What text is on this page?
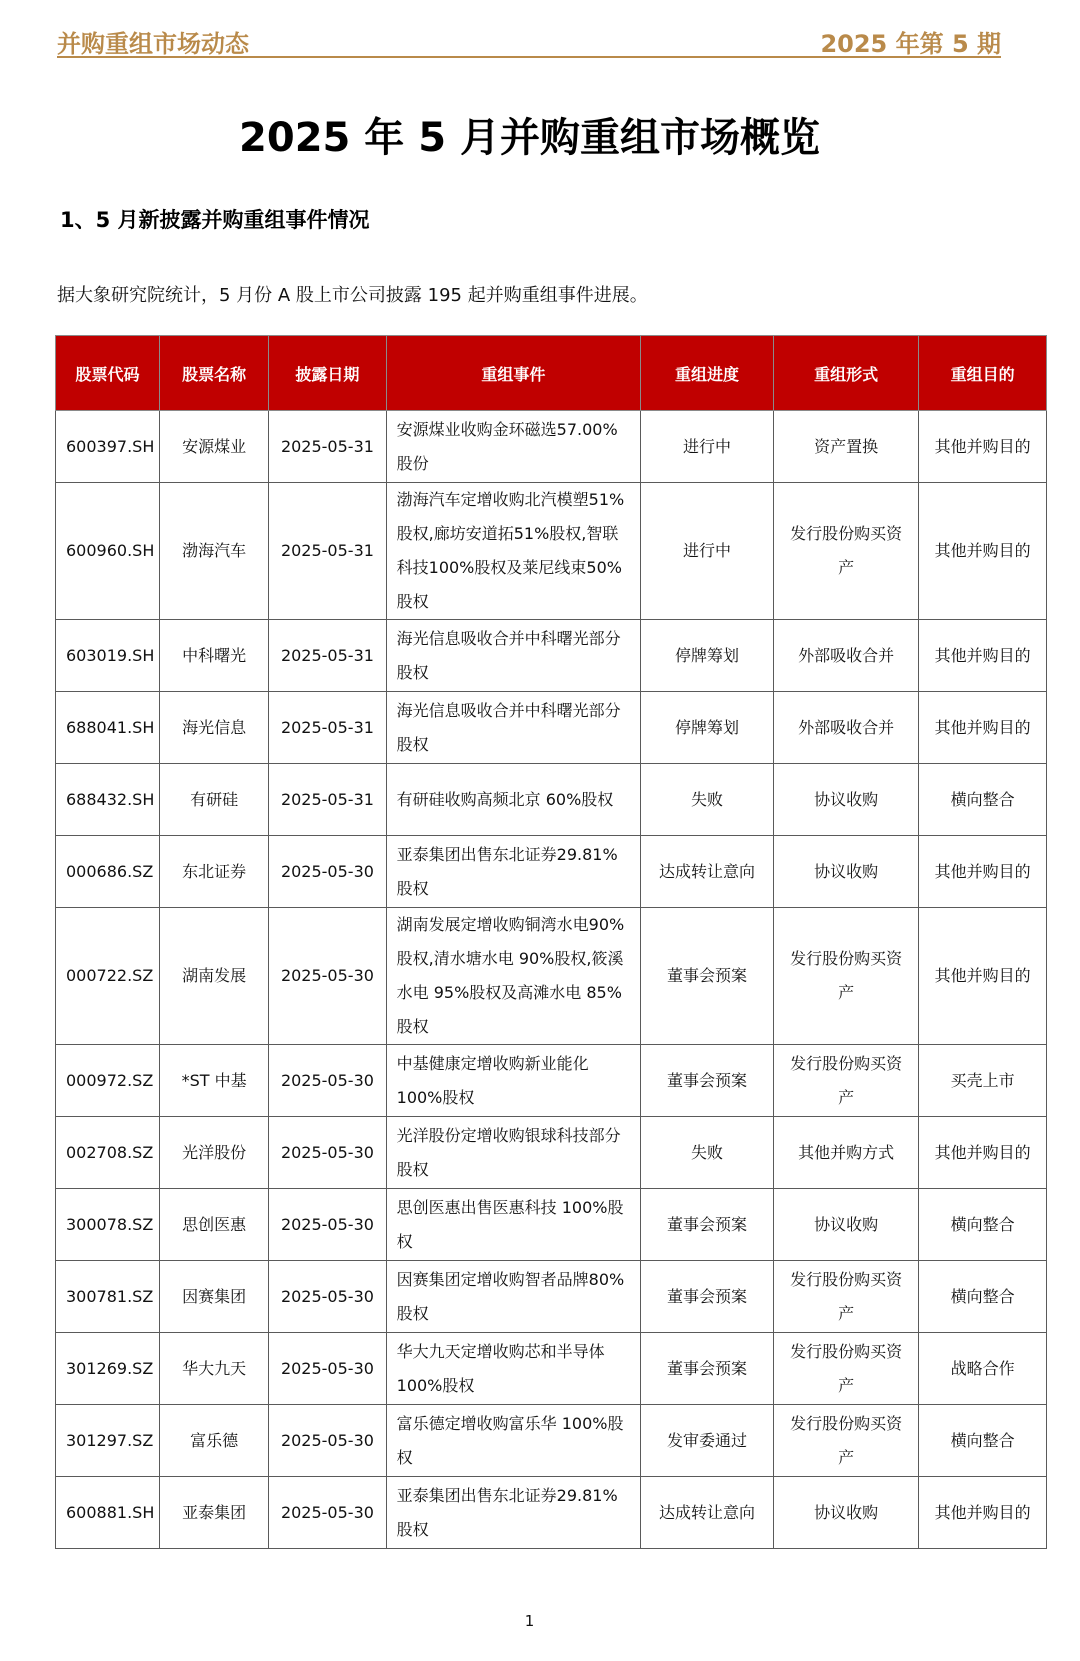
并购重组市场动态	2025 年第 5 期
2025 年 5 月并购重组市场概览
1、5 月新披露并购重组事件情况
据大象研究院统计，5 月份 A 股上市公司披露 195 起并购重组事件进展。
股票代码	股票名称	披露日期	重组事件	重组进度	重组形式	重组目的
600397.SH	安源煤业	2025-05-31	安源煤业收购金环磁选57.00%股份	进行中	资产置换	其他并购目的
600960.SH	渤海汽车	2025-05-31	渤海汽车定增收购北汽模塑51%股权,廊坊安道拓51%股权,智联科技100%股权及莱尼线束50%股权	进行中	发行股份购买资产	其他并购目的
603019.SH	中科曙光	2025-05-31	海光信息吸收合并中科曙光部分股权	停牌筹划	外部吸收合并	其他并购目的
688041.SH	海光信息	2025-05-31	海光信息吸收合并中科曙光部分股权	停牌筹划	外部吸收合并	其他并购目的
688432.SH	有研硅	2025-05-31	有研硅收购高频北京 60%股权	失败	协议收购	横向整合
000686.SZ	东北证券	2025-05-30	亚泰集团出售东北证券29.81%股权	达成转让意向	协议收购	其他并购目的
000722.SZ	湖南发展	2025-05-30	湖南发展定增收购铜湾水电90%股权,清水塘水电 90%股权,筱溪水电 95%股权及高滩水电 85%股权	董事会预案	发行股份购买资产	其他并购目的
000972.SZ	*ST 中基	2025-05-30	中基健康定增收购新业能化100%股权	董事会预案	发行股份购买资产	买壳上市
002708.SZ	光洋股份	2025-05-30	光洋股份定增收购银球科技部分股权	失败	其他并购方式	其他并购目的
300078.SZ	思创医惠	2025-05-30	思创医惠出售医惠科技 100%股权	董事会预案	协议收购	横向整合
300781.SZ	因赛集团	2025-05-30	因赛集团定增收购智者品牌80%股权	董事会预案	发行股份购买资产	横向整合
301269.SZ	华大九天	2025-05-30	华大九天定增收购芯和半导体100%股权	董事会预案	发行股份购买资产	战略合作
301297.SZ	富乐德	2025-05-30	富乐德定增收购富乐华 100%股权	发审委通过	发行股份购买资产	横向整合
600881.SH	亚泰集团	2025-05-30	亚泰集团出售东北证券29.81%股权	达成转让意向	协议收购	其他并购目的
1
